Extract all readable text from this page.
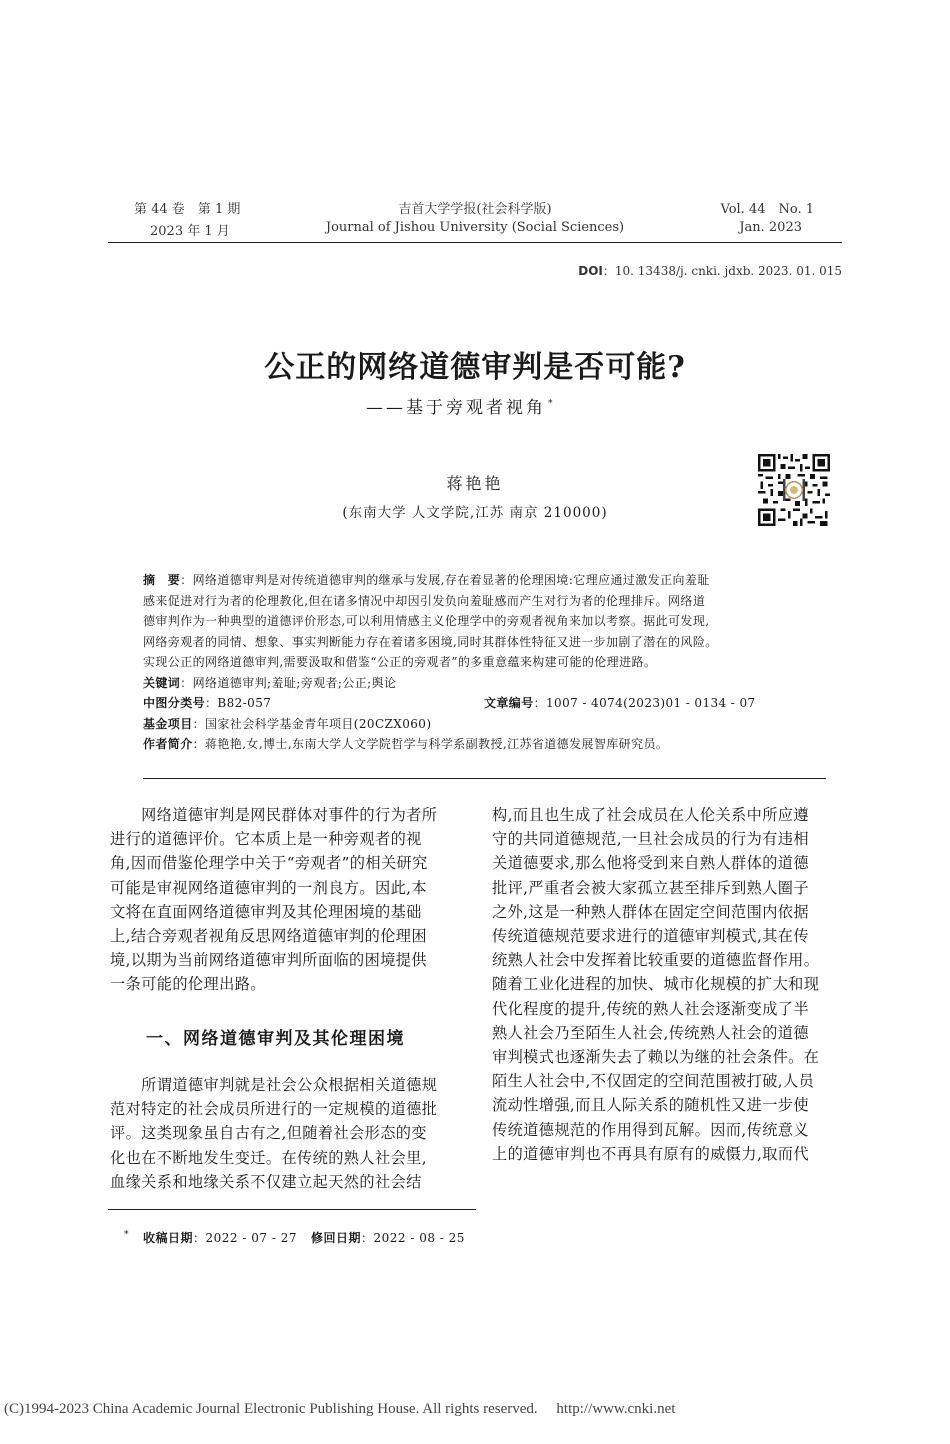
第 44 卷　第 1 期
2023 年 1 月
吉首大学学报(社会科学版)
Journal of Jishou University (Social Sciences)
Vol. 44　No. 1
Jan. 2023
DOI：10. 13438/j. cnki. jdxb. 2023. 01. 015
公正的网络道德审判是否可能?
——基于旁观者视角 *
蒋艳艳
(东南大学 人文学院,江苏 南京 210000)
摘　要：网络道德审判是对传统道德审判的继承与发展,存在着显著的伦理困境:它理应通过激发正向羞耻
感来促进对行为者的伦理教化,但在诸多情况中却因引发负向羞耻感而产生对行为者的伦理排斥。网络道
德审判作为一种典型的道德评价形态,可以利用情感主义伦理学中的旁观者视角来加以考察。据此可发现,
网络旁观者的同情、想象、事实判断能力存在着诸多困境,同时其群体性特征又进一步加剧了潜在的风险。
实现公正的网络道德审判,需要汲取和借鉴“公正的旁观者”的多重意蕴来构建可能的伦理进路。
关键词：网络道德审判;羞耻;旁观者;公正;舆论
中图分类号：B82-057	文章编号：1007 - 4074(2023)01 - 0134 - 07
基金项目：国家社会科学基金青年项目(20CZX060)
作者简介：蒋艳艳,女,博士,东南大学人文学院哲学与科学系副教授,江苏省道德发展智库研究员。
　　网络道德审判是网民群体对事件的行为者所
进行的道德评价。它本质上是一种旁观者的视
角,因而借鉴伦理学中关于“旁观者”的相关研究
可能是审视网络道德审判的一剂良方。因此,本
文将在直面网络道德审判及其伦理困境的基础
上,结合旁观者视角反思网络道德审判的伦理困
境,以期为当前网络道德审判所面临的困境提供
一条可能的伦理出路。
一、网络道德审判及其伦理困境
　　所谓道德审判就是社会公众根据相关道德规
范对特定的社会成员所进行的一定规模的道德批
评。这类现象虽自古有之,但随着社会形态的变
化也在不断地发生变迁。在传统的熟人社会里,
血缘关系和地缘关系不仅建立起天然的社会结
构,而且也生成了社会成员在人伦关系中所应遵
守的共同道德规范,一旦社会成员的行为有违相
关道德要求,那么他将受到来自熟人群体的道德
批评,严重者会被大家孤立甚至排斥到熟人圈子
之外,这是一种熟人群体在固定空间范围内依据
传统道德规范要求进行的道德审判模式,其在传
统熟人社会中发挥着比较重要的道德监督作用。
随着工业化进程的加快、城市化规模的扩大和现
代化程度的提升,传统的熟人社会逐渐变成了半
熟人社会乃至陌生人社会,传统熟人社会的道德
审判模式也逐渐失去了赖以为继的社会条件。在
陌生人社会中,不仅固定的空间范围被打破,人员
流动性增强,而且人际关系的随机性又进一步使
传统道德规范的作用得到瓦解。因而,传统意义
上的道德审判也不再具有原有的威慑力,取而代
* 收稿日期：2022 - 07 - 27 修回日期：2022 - 08 - 25
(C)1994-2023 China Academic Journal Electronic Publishing House. All rights reserved.　 http://www.cnki.net
